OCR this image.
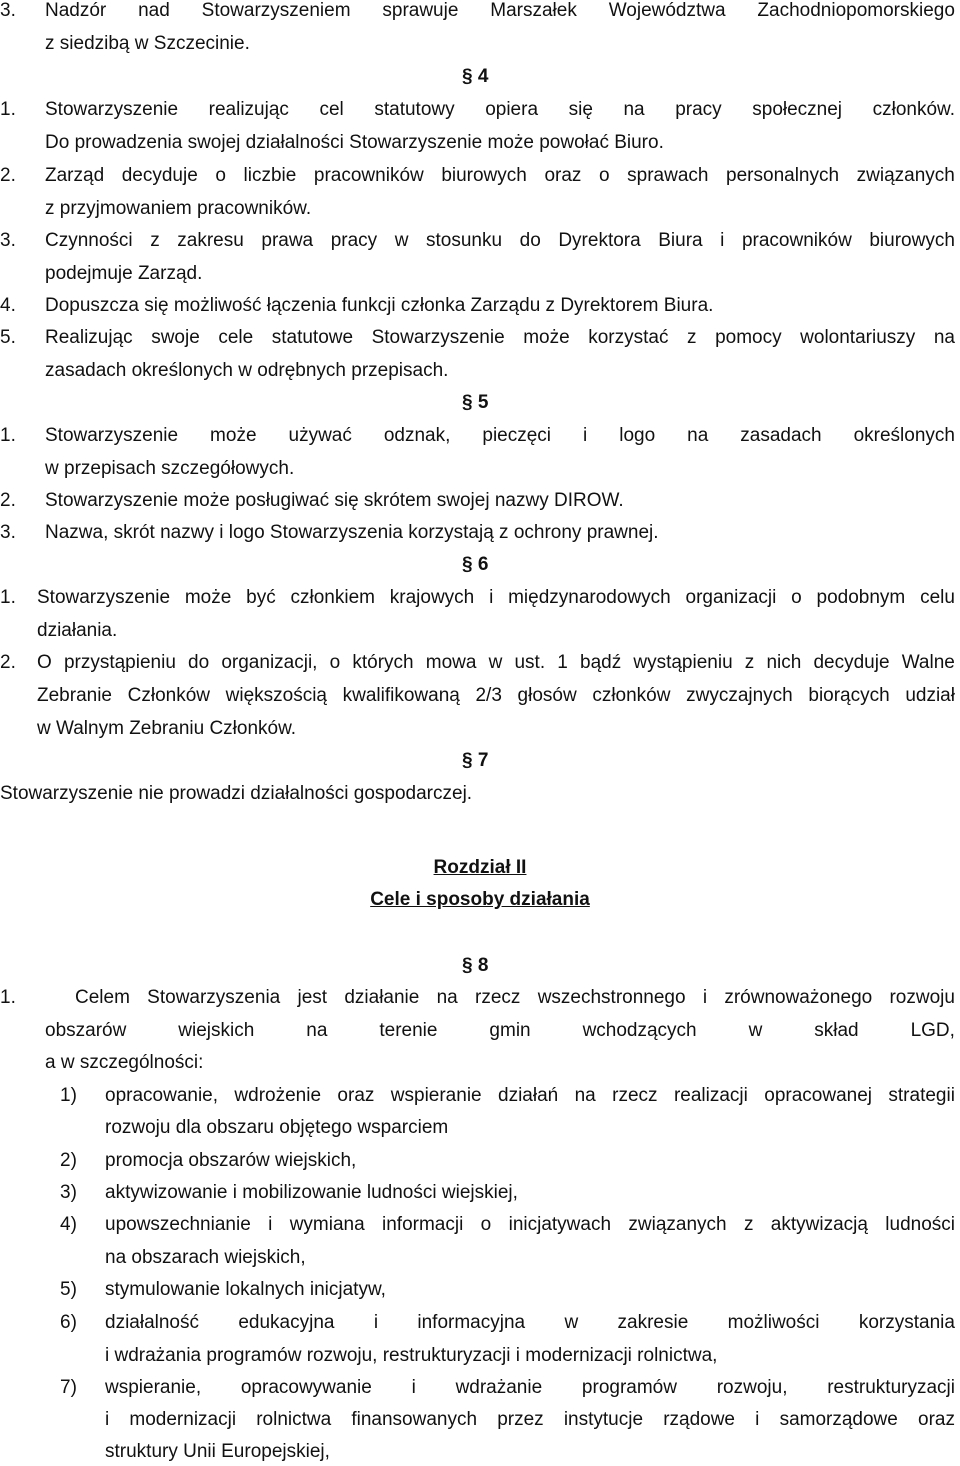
3. Nadzór nad Stowarzyszeniem sprawuje Marszałek Województwa Zachodniopomorskiego
z siedzibą w Szczecinie.
§ 4
1. Stowarzyszenie realizując cel statutowy opiera się na pracy społecznej członków.
Do prowadzenia swojej działalności Stowarzyszenie może powołać Biuro.
2. Zarząd decyduje o liczbie pracowników biurowych oraz o sprawach personalnych związanych
z przyjmowaniem pracowników.
3. Czynności z zakresu prawa pracy w stosunku do Dyrektora Biura i pracowników biurowych
podejmuje Zarząd.
4. Dopuszcza się możliwość łączenia funkcji członka Zarządu z Dyrektorem Biura.
5. Realizując swoje cele statutowe Stowarzyszenie może korzystać z pomocy wolontariuszy na
zasadach określonych w odrębnych przepisach.
§ 5
1. Stowarzyszenie może używać odznak, pieczęci i logo na zasadach określonych
w przepisach szczegółowych.
2. Stowarzyszenie może posługiwać się skrótem swojej nazwy DIROW.
3. Nazwa, skrót nazwy i logo Stowarzyszenia korzystają z ochrony prawnej.
§ 6
1. Stowarzyszenie może być członkiem krajowych i międzynarodowych organizacji o podobnym celu
działania.
2. O przystąpieniu do organizacji, o których mowa w ust. 1 bądź wystąpieniu z nich decyduje Walne
Zebranie Członków większością kwalifikowaną 2/3 głosów członków zwyczajnych biorących udział
w Walnym Zebraniu Członków.
§ 7
Stowarzyszenie nie prowadzi działalności gospodarczej.
Rozdział II
Cele i sposoby działania
§ 8
1.	Celem Stowarzyszenia jest działanie na rzecz wszechstronnego i zrównoważonego rozwoju
obszarów	wiejskich	na	terenie	gmin	wchodzących	w	skład	LGD,
a w szczególności:
1) opracowanie, wdrożenie oraz wspieranie działań na rzecz realizacji opracowanej strategii
rozwoju dla obszaru objętego wsparciem
2) promocja obszarów wiejskich,
3) aktywizowanie i mobilizowanie ludności wiejskiej,
4) upowszechnianie i wymiana informacji o inicjatywach związanych z aktywizacją ludności
na obszarach wiejskich,
5) stymulowanie lokalnych inicjatyw,
6) działalność edukacyjna i informacyjna w zakresie możliwości korzystania
i wdrażania programów rozwoju, restrukturyzacji i modernizacji rolnictwa,
7) wspieranie, opracowywanie i wdrażanie programów rozwoju, restrukturyzacji
i modernizacji rolnictwa finansowanych przez instytucje rządowe i samorządowe oraz
struktury Unii Europejskiej,
